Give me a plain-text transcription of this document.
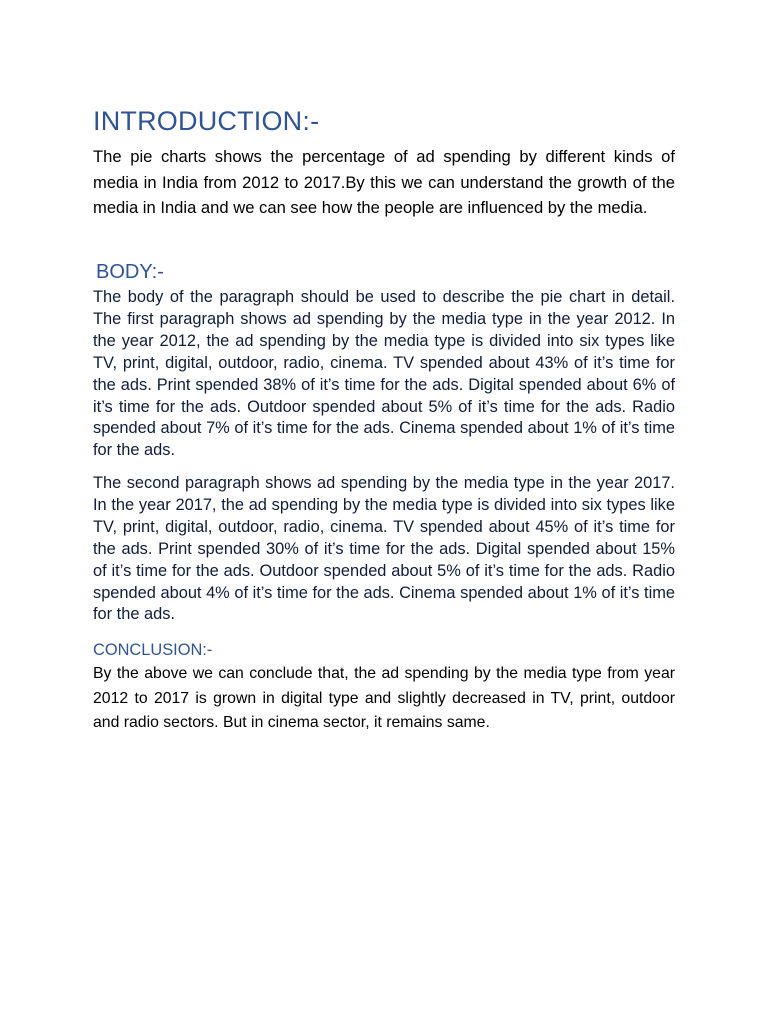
INTRODUCTION:-

The pie charts shows the percentage of ad spending by different kinds of media in India from 2012 to 2017.By this we can understand the growth of the media in India and we can see how the people are influenced by the media.

BODY:-

The body of the paragraph should be used to describe the pie chart in detail. The first paragraph shows ad spending by the media type in the year 2012. In the year 2012, the ad spending by the media type is divided into six types like TV, print, digital, outdoor, radio, cinema. TV spended about 43% of it’s time for the ads. Print spended 38% of it’s time for the ads. Digital spended about 6% of it’s time for the ads. Outdoor spended about 5% of it’s time for the ads. Radio spended about 7% of it’s time for the ads. Cinema spended about 1% of it’s time for the ads.

The second paragraph shows ad spending by the media type in the year 2017. In the year 2017, the ad spending by the media type is divided into six types like TV, print, digital, outdoor, radio, cinema. TV spended about 45% of it’s time for the ads. Print spended 30% of it’s time for the ads. Digital spended about 15% of it’s time for the ads. Outdoor spended about 5% of it’s time for the ads. Radio spended about 4% of it’s time for the ads. Cinema spended about 1% of it’s time for the ads.

CONCLUSION:-

By the above we can conclude that, the ad spending by the media type from year 2012 to 2017 is grown in digital type and slightly decreased in TV, print, outdoor and radio sectors. But in cinema sector, it remains same.
